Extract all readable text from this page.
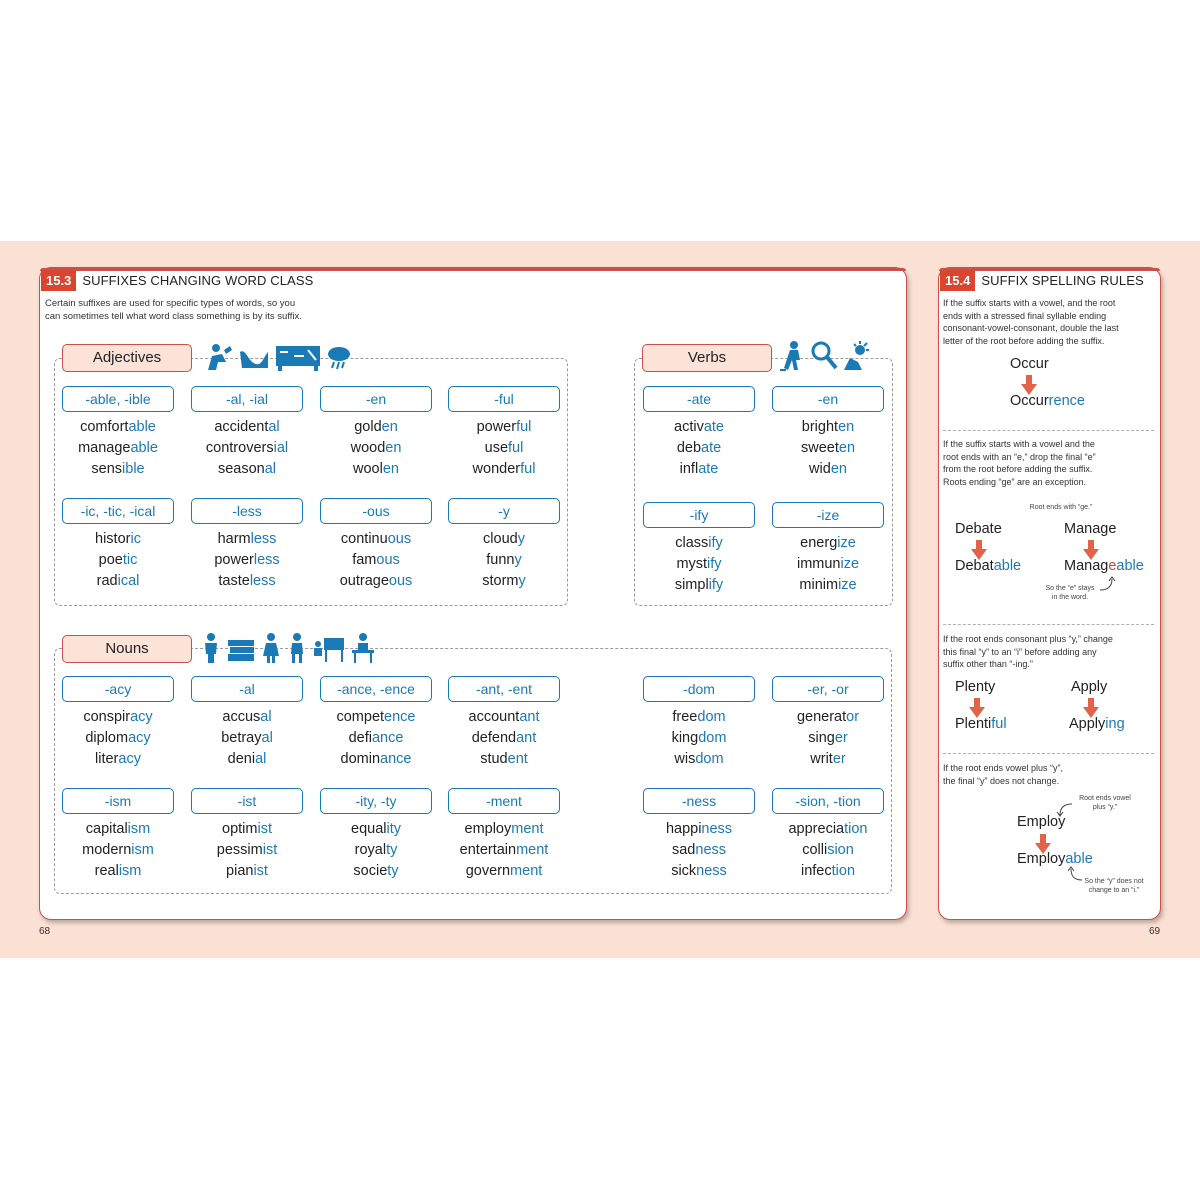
15.3 SUFFIXES CHANGING WORD CLASS
Certain suffixes are used for specific types of words, so you
can sometimes tell what word class something is by its suffix.
Adjectives	Verbs
Nouns
-able, -ible
comfortable
manageable
sensible
-al, -ial
accidental
controversial
seasonal
-en
golden
wooden
woolen
-ful
powerful
useful
wonderful
-ic, -tic, -ical
historic
poetic
radical
-less
harmless
powerless
tasteless
-ous
continuous
famous
outrageous
-y
cloudy
funny
stormy
-ate
activate
debate
inflate
-en
brighten
sweeten
widen
-ify
classify
mystify
simplify
-ize
energize
immunize
minimize
-acy
conspiracy
diplomacy
literacy
-al
accusal
betrayal
denial
-ance, -ence
competence
defiance
dominance
-ant, -ent
accountant
defendant
student
-dom
freedom
kingdom
wisdom
-er, -or
generator
singer
writer
-ism
capitalism
modernism
realism
-ist
optimist
pessimist
pianist
-ity, -ty
equality
royalty
society
-ment
employment
entertainment
government
-ness
happiness
sadness
sickness
-sion, -tion
appreciation
collision
infection
68
15.4 SUFFIX SPELLING RULES
If the suffix starts with a vowel, and the root
ends with a stressed final syllable ending
consonant-vowel-consonant, double the last
letter of the root before adding the suffix.
Occur
Occurrence
If the suffix starts with a vowel and the
root ends with an “e,” drop the final “e”
from the root before adding the suffix.
Roots ending “ge” are an exception.
Root ends with “ge.”
Debate	Manage
Debatable	Manageable
So the “e” stays
in the word.
If the root ends consonant plus “y,” change
this final “y” to an “i” before adding any
suffix other than “-ing.”
Plenty	Apply
Plentiful	Applying
If the root ends vowel plus “y”,
the final “y” does not change.
Root ends vowel
plus “y.”
Employ
Employable
So the “y” does not
change to an “i.”
69
